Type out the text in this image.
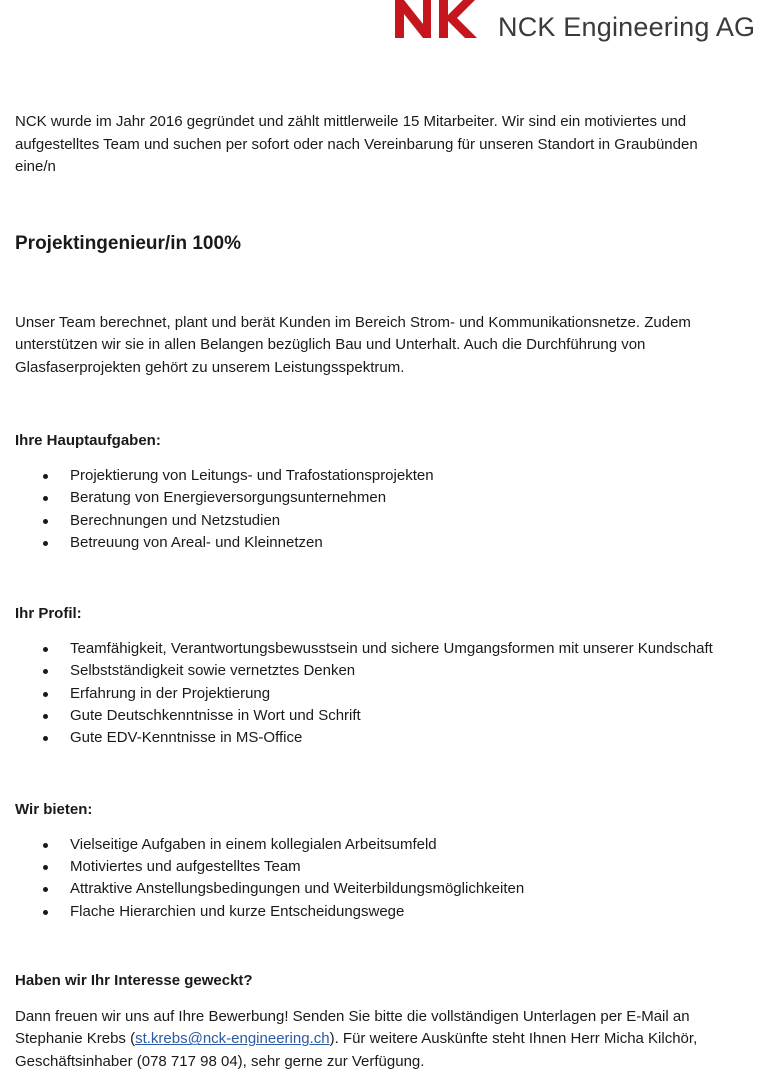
NCK Engineering AG

NCK wurde im Jahr 2016 gegründet und zählt mittlerweile 15 Mitarbeiter. Wir sind ein motiviertes und aufgestelltes Team und suchen per sofort oder nach Vereinbarung für unseren Standort in Graubünden eine/n

Projektingenieur/in 100%

Unser Team berechnet, plant und berät Kunden im Bereich Strom- und Kommunikationsnetze. Zudem unterstützen wir sie in allen Belangen bezüglich Bau und Unterhalt. Auch die Durchführung von Glasfaserprojekten gehört zu unserem Leistungsspektrum.

Ihre Hauptaufgaben:
Projektierung von Leitungs- und Trafostationsprojekten
Beratung von Energieversorgungsunternehmen
Berechnungen und Netzstudien
Betreuung von Areal- und Kleinnetzen
Ihr Profil:
Teamfähigkeit, Verantwortungsbewusstsein und sichere Umgangsformen mit unserer Kundschaft
Selbstständigkeit sowie vernetztes Denken
Erfahrung in der Projektierung
Gute Deutschkenntnisse in Wort und Schrift
Gute EDV-Kenntnisse in MS-Office
Wir bieten:
Vielseitige Aufgaben in einem kollegialen Arbeitsumfeld
Motiviertes und aufgestelltes Team
Attraktive Anstellungsbedingungen und Weiterbildungsmöglichkeiten
Flache Hierarchien und kurze Entscheidungswege
Haben wir Ihr Interesse geweckt?

Dann freuen wir uns auf Ihre Bewerbung! Senden Sie bitte die vollständigen Unterlagen per E-Mail an Stephanie Krebs (st.krebs@nck-engineering.ch). Für weitere Auskünfte steht Ihnen Herr Micha Kilchör, Geschäftsinhaber (078 717 98 04), sehr gerne zur Verfügung.
